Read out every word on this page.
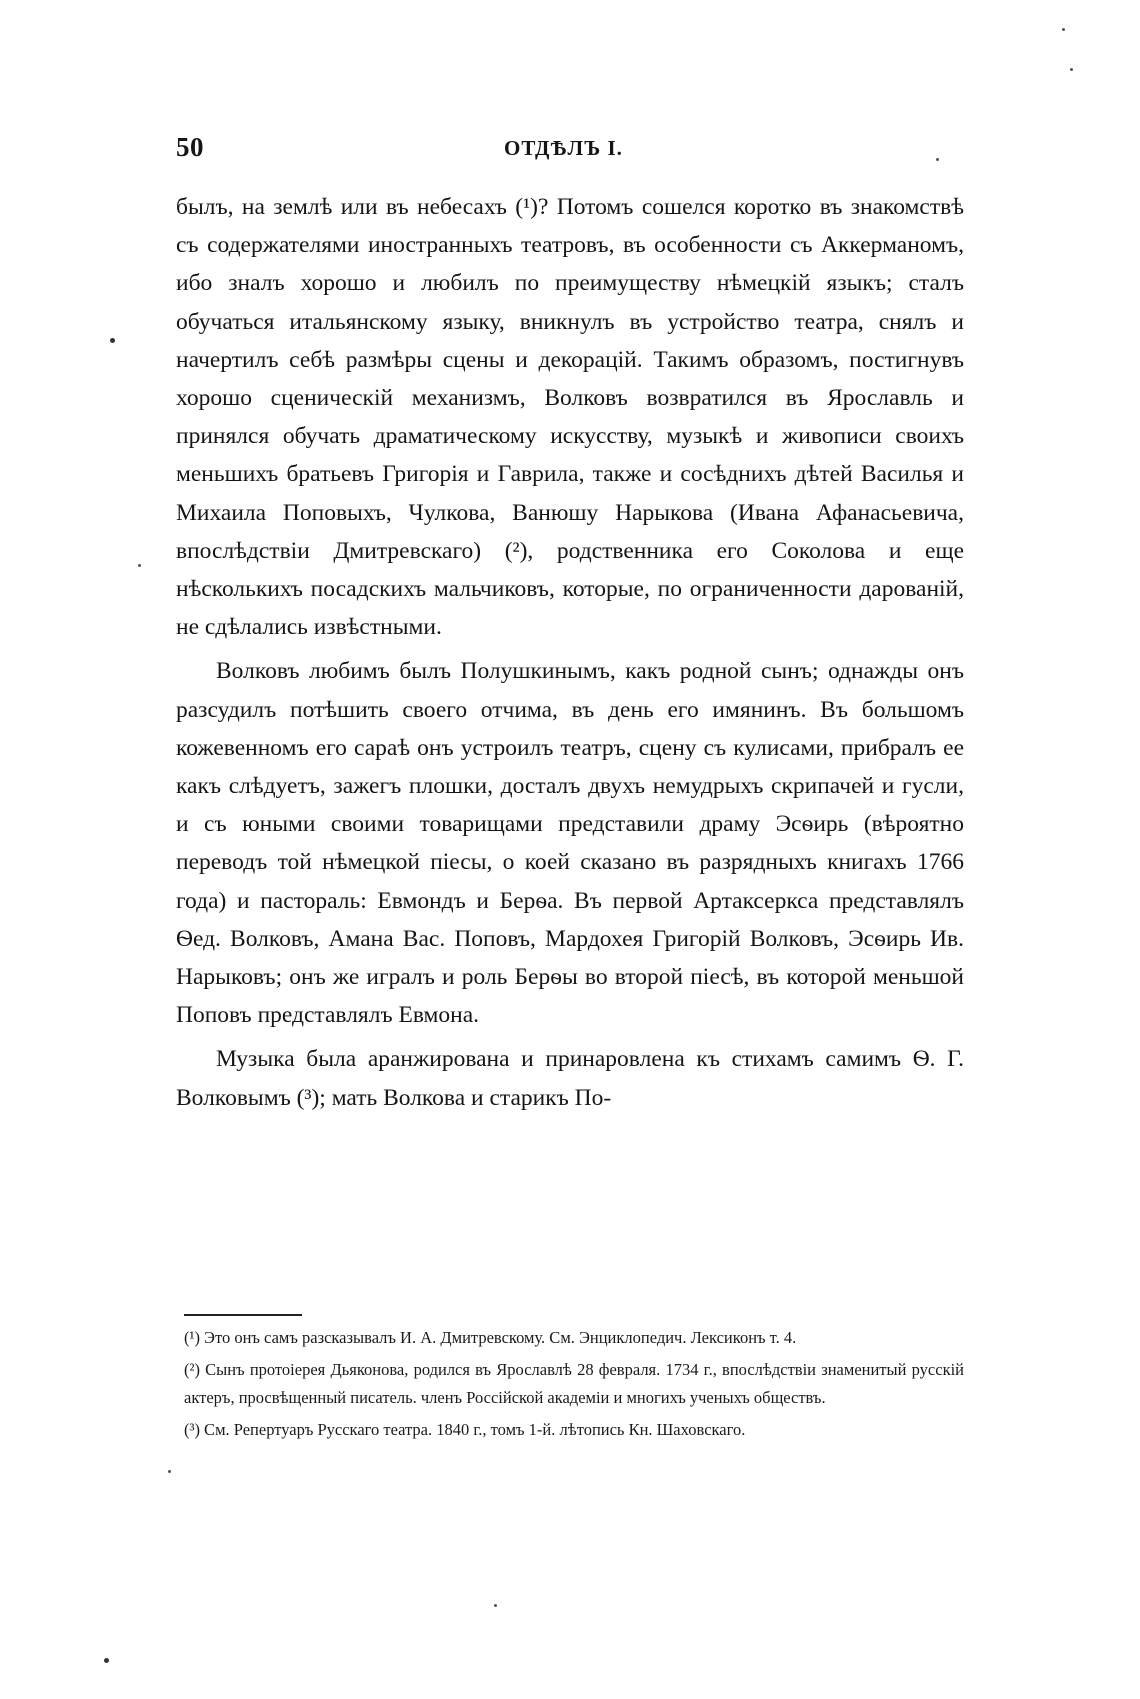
50	ОТДѢЛЪ I.

былъ, на землѣ или въ небесахъ (¹)? Потомъ сошелся коротко въ знакомствѣ съ содержателями иностранныхъ театровъ, въ особенности съ Аккерманомъ, ибо зналъ хорошо и любилъ по преимуществу нѣмецкій языкъ; сталъ обучаться итальянскому языку, вникнулъ въ устройство театра, снялъ и начертилъ себѣ размѣры сцены и декорацій. Такимъ образомъ, постигнувъ хорошо сценическій механизмъ, Волковъ возвратился въ Ярославль и принялся обучать драматическому искусству, музыкѣ и живописи своихъ меньшихъ братьевъ Григорія и Гаврила, также и сосѣднихъ дѣтей Василья и Михаила Поповыхъ, Чулкова, Ванюшу Нарыкова (Ивана Афанасьевича, впослѣдствіи Дмитревскаго) (²), родственника его Соколова и еще нѣсколькихъ посадскихъ мальчиковъ, которые, по ограниченности дарованій, не сдѣлались извѣстными.

Волковъ любимъ былъ Полушкинымъ, какъ родной сынъ; однажды онъ разсудилъ потѣшить своего отчима, въ день его имянинъ. Въ большомъ кожевенномъ его сараѣ онъ устроилъ театръ, сцену съ кулисами, прибралъ ее какъ слѣдуетъ, зажегъ плошки, досталъ двухъ немудрыхъ скрипачей и гусли, и съ юными своими товарищами представили драму Эсѳирь (вѣроятно переводъ той нѣмецкой піесы, о коей сказано въ разрядныхъ книгахъ 1766 года) и пастораль: Евмондъ и Берѳа. Въ первой Артаксеркса представлялъ Ѳед. Волковъ, Амана Вас. Поповъ, Мардохея Григорій Волковъ, Эсѳирь Ив. Нарыковъ; онъ же игралъ и роль Берѳы во второй піесѣ, въ которой меньшой Поповъ представлялъ Евмона.

Музыка была аранжирована и принаровлена къ стихамъ самимъ Ѳ. Г. Волковымъ (³); мать Волкова и старикъ По-

(¹) Это онъ самъ разсказывалъ И. А. Дмитревскому. См. Энциклопедич. Лексиконъ т. 4.

(²) Сынъ протоіерея Дьяконова, родился въ Ярославлѣ 28 февраля. 1734 г., впослѣдствіи знаменитый русскій актеръ, просвѣщенный писатель. членъ Россійской академіи и многихъ ученыхъ обществъ.

(³) См. Репертуаръ Русскаго театра. 1840 г., томъ 1-й. лѣтопись Кн. Шаховскаго.
